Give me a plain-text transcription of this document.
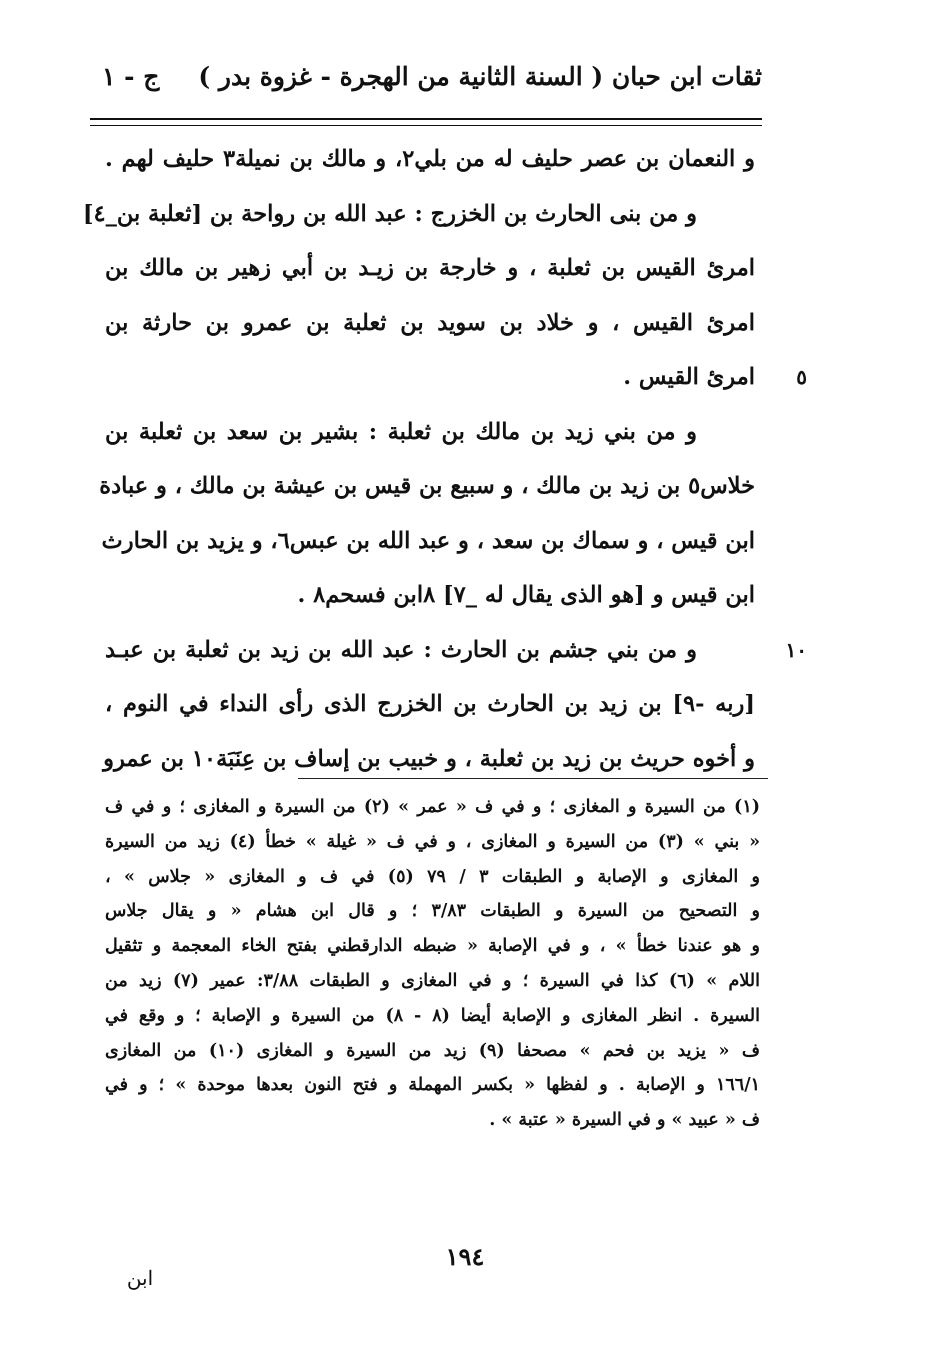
ثقات ابن حبان ( السنة الثانية من الهجرة - غزوة بدر )
ج - ١
و النعمان بن عصر حليف له من بلي٢، و مالك بن نميلة٣ حليف لهم .
و من بنى الحارث بن الخزرج : عبد الله بن رواحة بن [ثعلبة بن_٤]
امرئ القيس بن ثعلبة ، و خارجة بن زيـد بن أبي زهير بن مالك بن
امرئ القيس ، و خلاد بن سويد بن ثعلبة بن عمرو بن حارثة بن
امرئ القيس . ٥
و من بني زيد بن مالك بن ثعلبة : بشير بن سعد بن ثعلبة بن
خلاس٥ بن زيد بن مالك ، و سبيع بن قيس بن عيشة بن مالك ، و عبادة
ابن قيس ، و سماك بن سعد ، و عبد الله بن عبس٦، و يزيد بن الحارث
ابن قيس و [هو الذى يقال له _٧] ٨ابن فسحم٨ .
و من بني جشم بن الحارث : عبد الله بن زيد بن ثعلبة بن عبـد	١٠
[ربه -٩] بن زيد بن الحارث بن الخزرج الذى رأى النداء في النوم ،
و أخوه حريث بن زيد بن ثعلبة ، و خبيب بن إساف بن عِنَبَة١٠ بن عمرو
(١) من السيرة و المغازى ؛ و في ف « عمر » (٢) من السيرة و المغازى ؛ و في ف
« بني » (٣) من السيرة و المغازى ، و في ف « غيلة » خطأ (٤) زيد من السيرة
و المغازى و الإصابة و الطبقات ٣ / ٧٩ (٥) في ف و المغازى « جلاس » ،
و التصحيح من السيرة و الطبقات ٣/٨٣ ؛ و قال ابن هشام « و يقال جلاس
و هو عندنا خطأ » ، و في الإصابة « ضبطه الدارقطني بفتح الخاء المعجمة و تثقيل
اللام » (٦) كذا في السيرة ؛ و في المغازى و الطبقات ٣/٨٨: عمير (٧) زيد من
السيرة . انظر المغازى و الإصابة أيضا (٨ - ٨) من السيرة و الإصابة ؛ و وقع في
ف « يزيد بن فحم » مصحفا (٩) زيد من السيرة و المغازى (١٠) من المغازى
١٦٦/١ و الإصابة . و لفظها « بكسر المهملة و فتح النون بعدها موحدة » ؛ و في
ف « عبيد » و في السيرة « عتبة » .
١٩٤
ابن
